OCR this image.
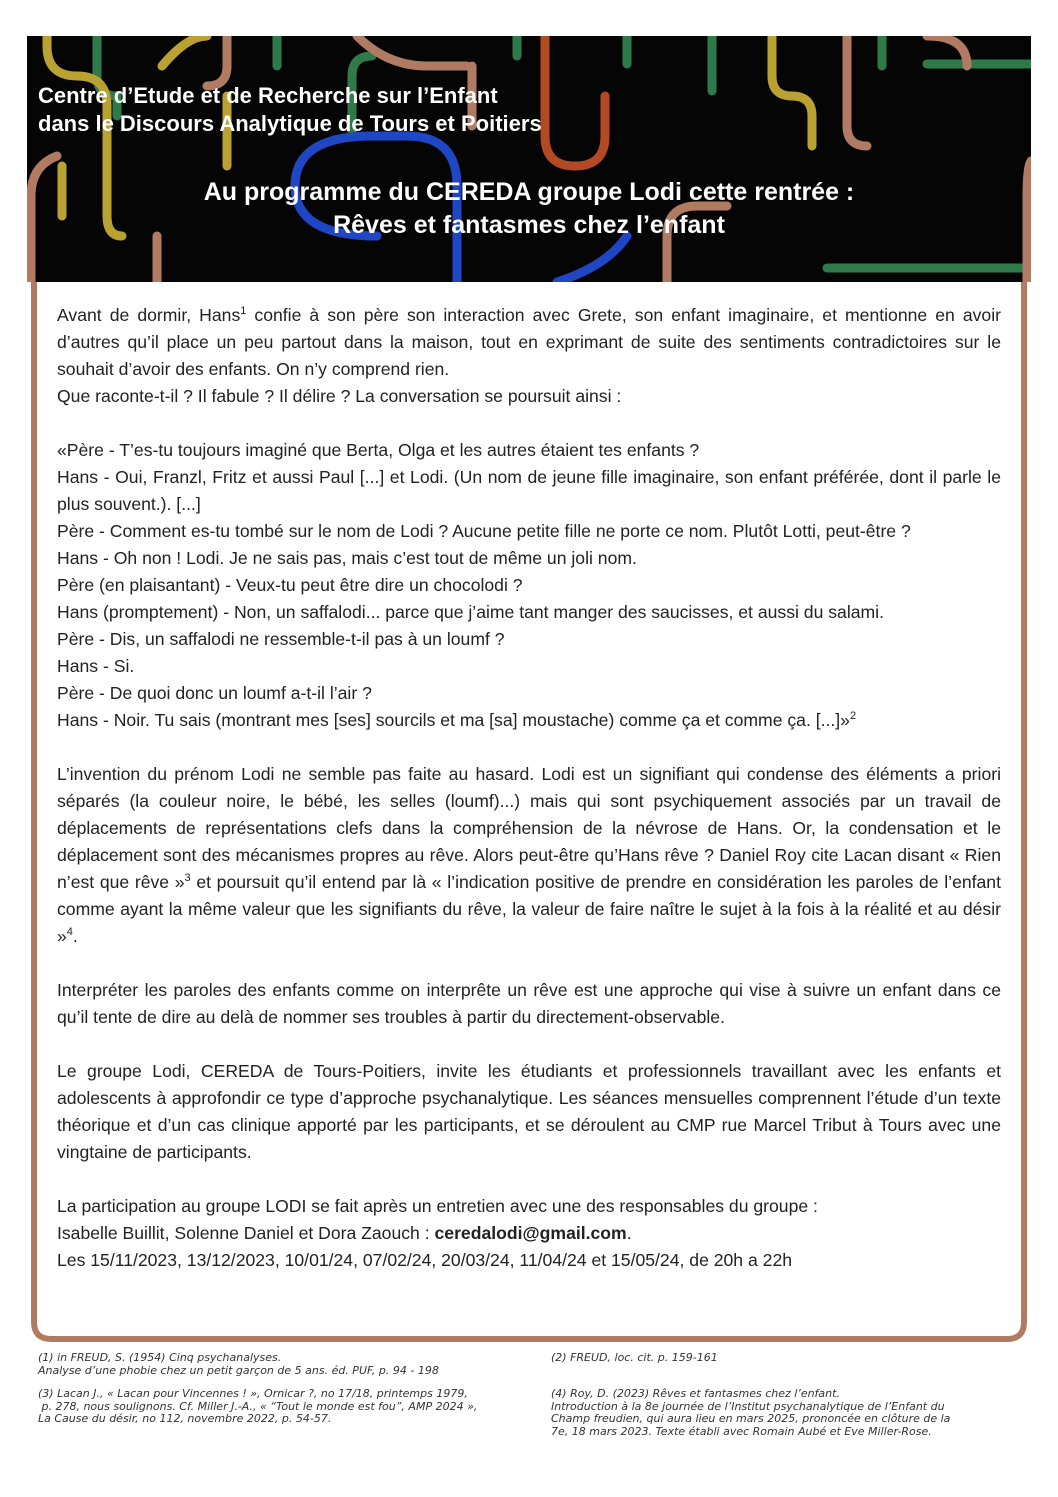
Centre d’Etude et de Recherche sur l’Enfant
dans le Discours Analytique de Tours et Poitiers
Au programme du CEREDA groupe Lodi cette rentrée :
Rêves et fantasmes chez l’enfant

Avant de dormir, Hans$^1$ confie à son père son interaction avec Grete, son enfant imaginaire, et mentionne en avoir d’autres qu’il place un peu partout dans la maison, tout en exprimant de suite des sentiments contradictoires sur le souhait d’avoir des enfants. On n’y comprend rien.

Que raconte-t-il ? Il fabule ? Il délire ? La conversation se poursuit ainsi :

«Père - T’es-tu toujours imaginé que Berta, Olga et les autres étaient tes enfants ?

Hans - Oui, Franzl, Fritz et aussi Paul [...] et Lodi. (Un nom de jeune fille imaginaire, son enfant préférée, dont il parle le plus souvent.). [...]

Père - Comment es-tu tombé sur le nom de Lodi ? Aucune petite fille ne porte ce nom. Plutôt Lotti, peut-être ?

Hans - Oh non ! Lodi. Je ne sais pas, mais c’est tout de même un joli nom.

Père (en plaisantant) - Veux-tu peut être dire un chocolodi ?

Hans (promptement) - Non, un saffalodi... parce que j’aime tant manger des saucisses, et aussi du salami.

Père - Dis, un saffalodi ne ressemble-t-il pas à un loumf ?

Hans - Si.

Père - De quoi donc un loumf a-t-il l’air ?

Hans - Noir. Tu sais (montrant mes [ses] sourcils et ma [sa] moustache) comme ça et comme ça. [...]»$^2$

L’invention du prénom Lodi ne semble pas faite au hasard. Lodi est un signifiant qui condense des éléments a priori séparés (la couleur noire, le bébé, les selles (loumf)...) mais qui sont psychiquement associés par un travail de déplacements de représentations clefs dans la compréhension de la névrose de Hans. Or, la condensation et le déplacement sont des mécanismes propres au rêve. Alors peut-être qu’Hans rêve ? Daniel Roy cite Lacan disant « Rien n’est que rêve »$^3$ et poursuit qu’il entend par là « l’indication positive de prendre en considération les paroles de l’enfant comme ayant la même valeur que les signifiants du rêve, la valeur de faire naître le sujet à la fois à la réalité et au désir »$^4$.

Interpréter les paroles des enfants comme on interprête un rêve est une approche qui vise à suivre un enfant dans ce qu’il tente de dire au delà de nommer ses troubles à partir du directement-observable.

Le groupe Lodi, CEREDA de Tours-Poitiers, invite les étudiants et professionnels travaillant avec les enfants et adolescents à approfondir ce type d’approche psychanalytique. Les séances mensuelles comprennent l’étude d’un texte théorique et d’un cas clinique apporté par les participants, et se déroulent au CMP rue Marcel Tribut à Tours avec une vingtaine de participants.

La participation au groupe LODI se fait après un entretien avec une des responsables du groupe :

Isabelle Buillit, Solenne Daniel et Dora Zaouch : ceredalodi@gmail.com.

Les 15/11/2023, 13/12/2023, 10/01/24, 07/02/24, 20/03/24, 11/04/24 et 15/05/24, de 20h a 22h

(1) in FREUD, S. (1954) Cinq psychanalyses.
Analyse d’une phobie chez un petit garçon de 5 ans. éd. PUF, p. 94 - 198
(2) FREUD, loc. cit. p. 159-161
(3) Lacan J., « Lacan pour Vincennes ! », Ornicar ?, no 17/18, printemps 1979,
p. 278, nous soulignons. Cf. Miller J.-A., « “Tout le monde est fou”, AMP 2024 »,
La Cause du désir, no 112, novembre 2022, p. 54-57.
(4) Roy, D. (2023) Rêves et fantasmes chez l’enfant.
Introduction à la 8e journée de l’Institut psychanalytique de l’Enfant du
Champ freudien, qui aura lieu en mars 2025, prononcée en clôture de la
7e, 18 mars 2023. Texte établi avec Romain Aubé et Eve Miller-Rose.
